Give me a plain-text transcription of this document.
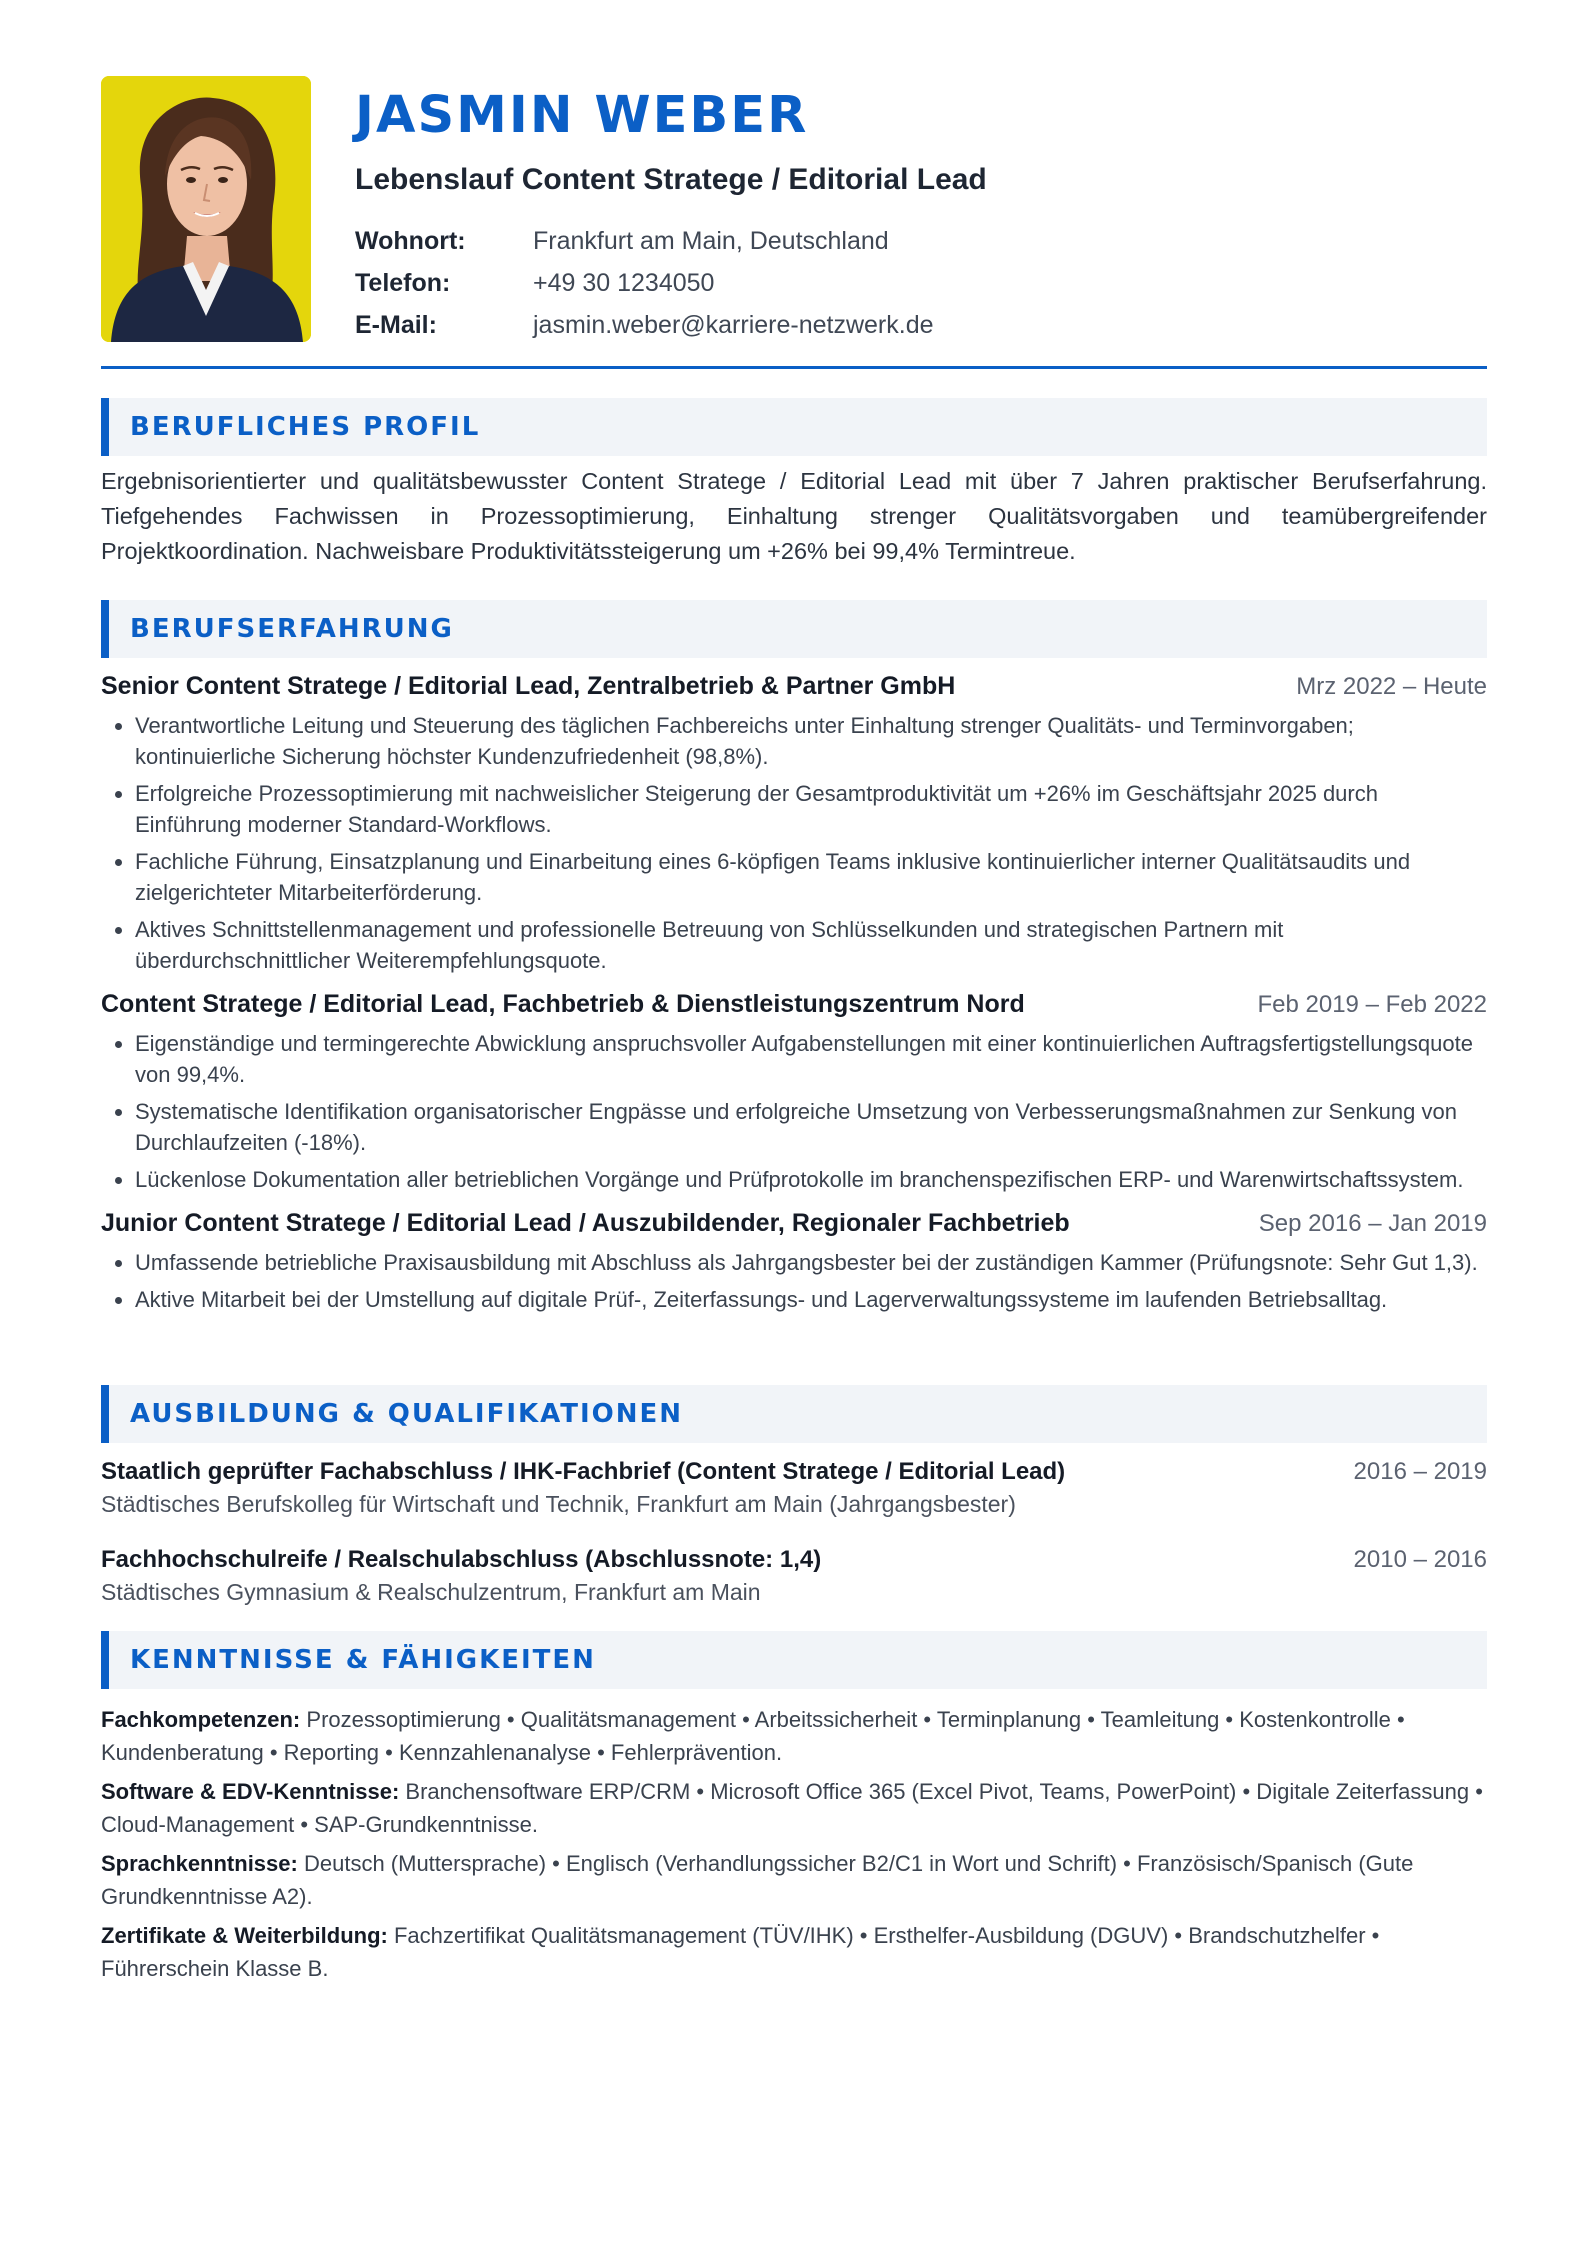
JASMIN WEBER

Lebenslauf Content Stratege / Editorial Lead

Wohnort:	Frankfurt am Main, Deutschland
Telefon:	+49 30 1234050
E-Mail:	jasmin.weber@karriere-netzwerk.de
BERUFLICHES PROFIL

Ergebnisorientierter und qualitätsbewusster Content Stratege / Editorial Lead mit über 7 Jahren praktischer Berufserfahrung. Tiefgehendes Fachwissen in Prozessoptimierung, Einhaltung strenger Qualitätsvorgaben und teamübergreifender Projektkoordination. Nachweisbare Produktivitätssteigerung um +26% bei 99,4% Termintreue.

BERUFSERFAHRUNG
Senior Content Stratege / Editorial Lead, Zentralbetrieb & Partner GmbH	Mrz 2022 – Heute
• Verantwortliche Leitung und Steuerung des täglichen Fachbereichs unter Einhaltung strenger Qualitäts- und Terminvorgaben; kontinuierliche Sicherung höchster Kundenzufriedenheit (98,8%).
• Erfolgreiche Prozessoptimierung mit nachweislicher Steigerung der Gesamtproduktivität um +26% im Geschäftsjahr 2025 durch Einführung moderner Standard-Workflows.
• Fachliche Führung, Einsatzplanung und Einarbeitung eines 6-köpfigen Teams inklusive kontinuierlicher interner Qualitätsaudits und zielgerichteter Mitarbeiterförderung.
• Aktives Schnittstellenmanagement und professionelle Betreuung von Schlüsselkunden und strategischen Partnern mit überdurchschnittlicher Weiterempfehlungsquote.
Content Stratege / Editorial Lead, Fachbetrieb & Dienstleistungszentrum Nord	Feb 2019 – Feb 2022
• Eigenständige und termingerechte Abwicklung anspruchsvoller Aufgabenstellungen mit einer kontinuierlichen Auftragsfertigstellungsquote von 99,4%.
• Systematische Identifikation organisatorischer Engpässe und erfolgreiche Umsetzung von Verbesserungsmaßnahmen zur Senkung von Durchlaufzeiten (-18%).
• Lückenlose Dokumentation aller betrieblichen Vorgänge und Prüfprotokolle im branchenspezifischen ERP- und Warenwirtschaftssystem.
Junior Content Stratege / Editorial Lead / Auszubildender, Regionaler Fachbetrieb	Sep 2016 – Jan 2019
• Umfassende betriebliche Praxisausbildung mit Abschluss als Jahrgangsbester bei der zuständigen Kammer (Prüfungsnote: Sehr Gut 1,3).
• Aktive Mitarbeit bei der Umstellung auf digitale Prüf-, Zeiterfassungs- und Lagerverwaltungssysteme im laufenden Betriebsalltag.
AUSBILDUNG & QUALIFIKATIONEN
Staatlich geprüfter Fachabschluss / IHK-Fachbrief (Content Stratege / Editorial Lead)	2016 – 2019
Städtisches Berufskolleg für Wirtschaft und Technik, Frankfurt am Main (Jahrgangsbester)
Fachhochschulreife / Realschulabschluss (Abschlussnote: 1,4)	2010 – 2016
Städtisches Gymnasium & Realschulzentrum, Frankfurt am Main
KENNTNISSE & FÄHIGKEITEN
Fachkompetenzen: Prozessoptimierung • Qualitätsmanagement • Arbeitssicherheit • Terminplanung • Teamleitung • Kostenkontrolle • Kundenberatung • Reporting • Kennzahlenanalyse • Fehlerprävention.
Software & EDV-Kenntnisse: Branchensoftware ERP/CRM • Microsoft Office 365 (Excel Pivot, Teams, PowerPoint) • Digitale Zeiterfassung • Cloud-Management • SAP-Grundkenntnisse.
Sprachkenntnisse: Deutsch (Muttersprache) • Englisch (Verhandlungssicher B2/C1 in Wort und Schrift) • Französisch/Spanisch (Gute Grundkenntnisse A2).
Zertifikate & Weiterbildung: Fachzertifikat Qualitätsmanagement (TÜV/IHK) • Ersthelfer-Ausbildung (DGUV) • Brandschutzhelfer • Führerschein Klasse B.
